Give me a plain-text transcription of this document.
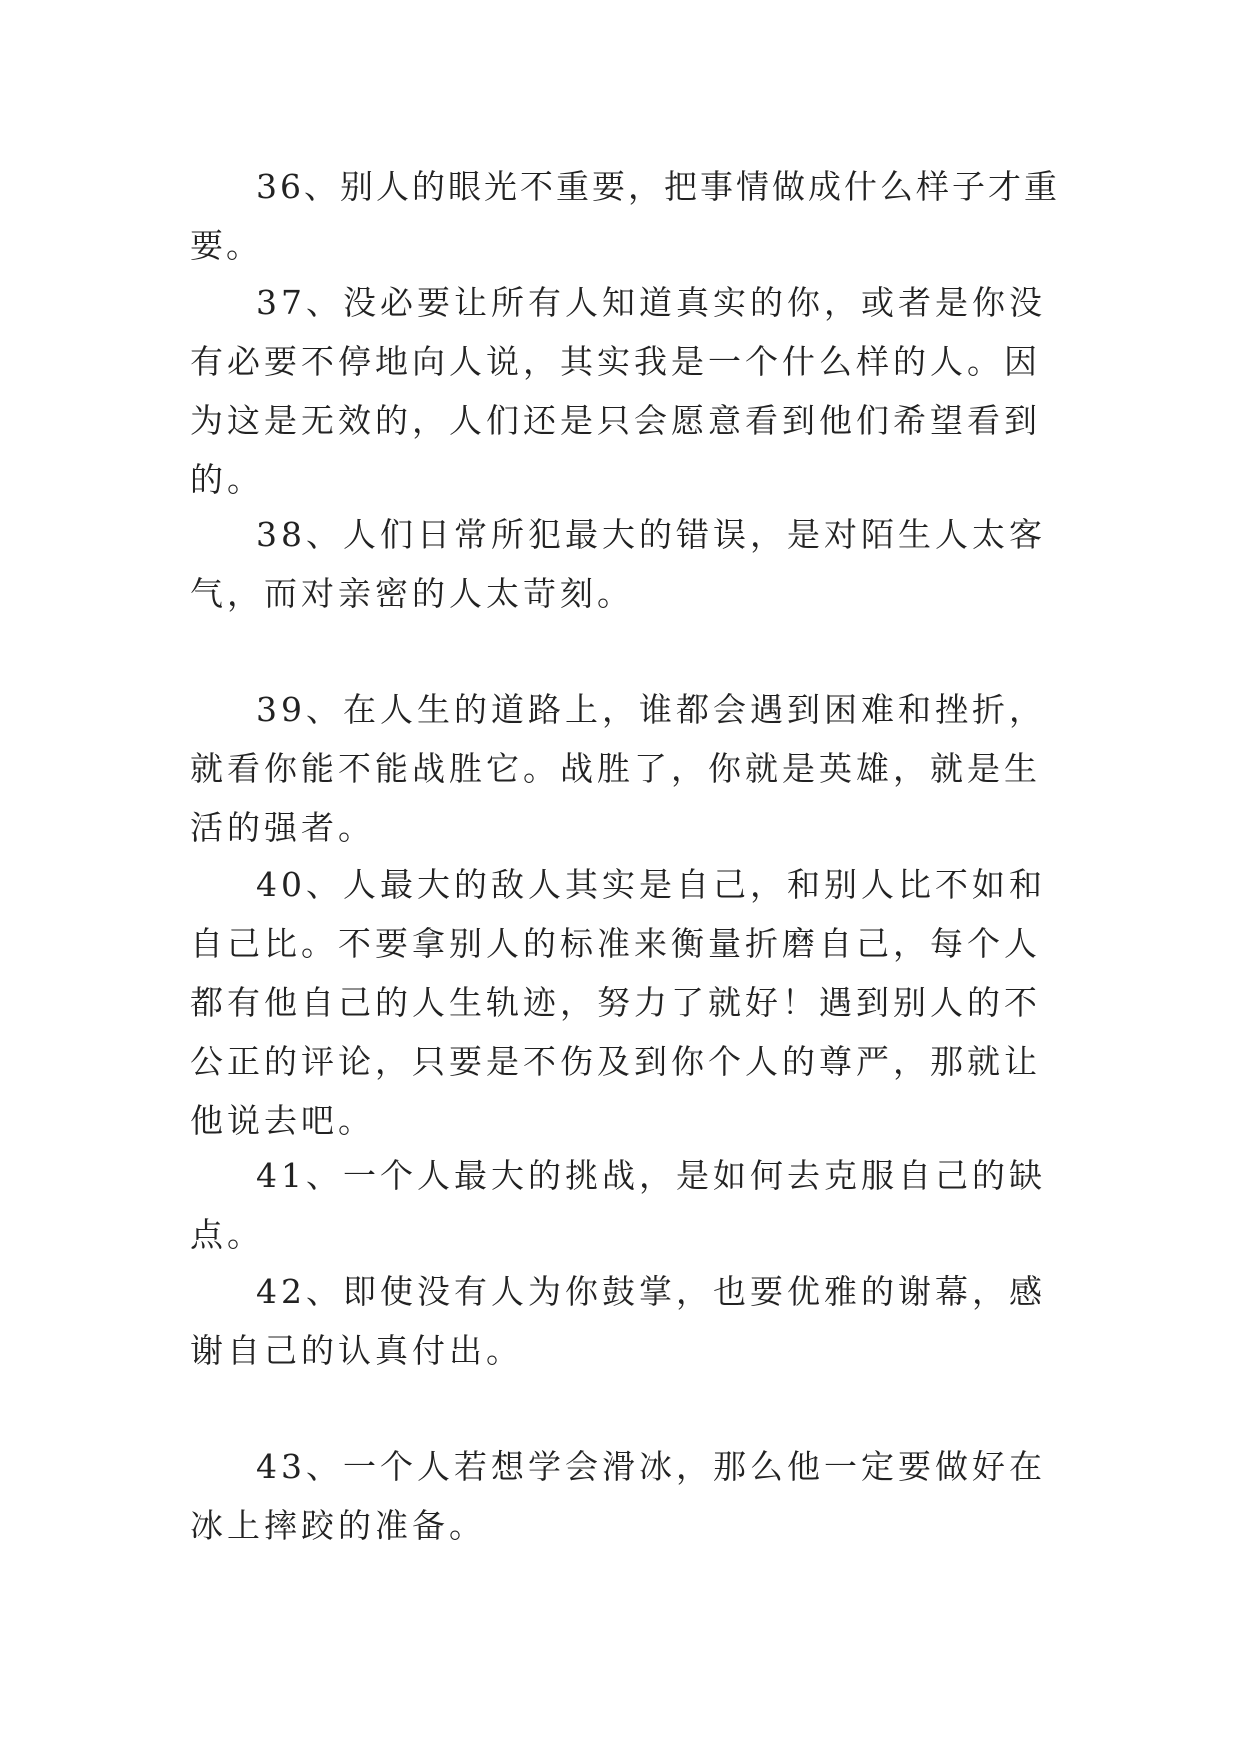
36、别人的眼光不重要，把事情做成什么样子才重要。

37、没必要让所有人知道真实的你，或者是你没有必要不停地向人说，其实我是一个什么样的人。因为这是无效的，人们还是只会愿意看到他们希望看到的。

38、人们日常所犯最大的错误，是对陌生人太客气，而对亲密的人太苛刻。

39、在人生的道路上，谁都会遇到困难和挫折，就看你能不能战胜它。战胜了，你就是英雄，就是生活的强者。

40、人最大的敌人其实是自己，和别人比不如和自己比。不要拿别人的标准来衡量折磨自己，每个人都有他自己的人生轨迹，努力了就好！遇到别人的不公正的评论，只要是不伤及到你个人的尊严，那就让他说去吧。

41、一个人最大的挑战，是如何去克服自己的缺点。

42、即使没有人为你鼓掌，也要优雅的谢幕，感谢自己的认真付出。

43、一个人若想学会滑冰，那么他一定要做好在冰上摔跤的准备。
